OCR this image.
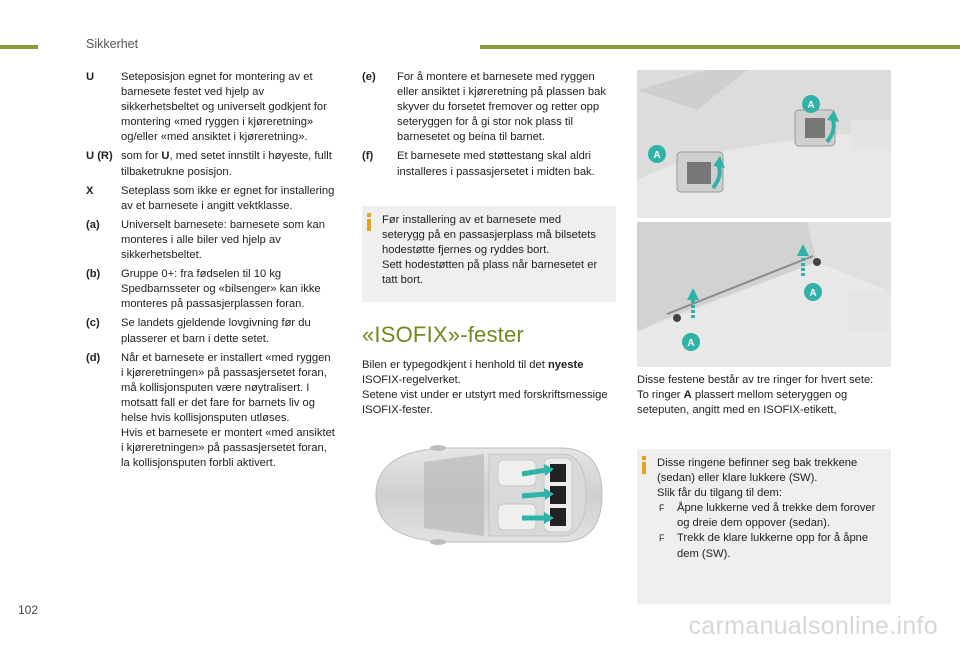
Sikkerhet
U	Seteposisjon egnet for montering av et barnesete festet ved hjelp av sikkerhetsbeltet og universelt godkjent for montering «med ryggen i kjøreretning» og/eller «med ansiktet i kjøreretning».
U (R) som for U, med setet innstilt i høyeste, fullt tilbaketrukne posisjon.
X	Seteplass som ikke er egnet for installering av et barnesete i angitt vektklasse.
(a)	Universelt barnesete: barnesete som kan monteres i alle biler ved hjelp av sikkerhetsbeltet.
(b)	Gruppe 0+: fra fødselen til 10 kg Spedbarnsseter og «bilsenger» kan ikke monteres på passasjerplassen foran.
(c)	Se landets gjeldende lovgivning før du plasserer et barn i dette setet.
(d)	Når et barnesete er installert «med ryggen i kjøreretningen» på passasjersetet foran, må kollisjonsputen være nøytralisert. I motsatt fall er det fare for barnets liv og helse hvis kollisjonsputen utløses.
Hvis et barnesete er montert «med ansiktet i kjøreretningen» på passasjersetet foran, la kollisjonsputen forbli aktivert.
(e)	For å montere et barnesete med ryggen eller ansiktet i kjøreretning på plassen bak skyver du forsetet fremover og retter opp seteryggen for å gi stor nok plass til barnesetet og beina til barnet.
(f)	Et barnesete med støttestang skal aldri installeres i passasjersetet i midten bak.
Før installering av et barnesete med seterygg på en passasjerplass må bilsetets hodestøtte fjernes og ryddes bort.
Sett hodestøtten på plass når barnesetet er tatt bort.
«ISOFIX»-fester
Bilen er typegodkjent i henhold til det nyeste ISOFIX-regelverket.
Setene vist under er utstyrt med forskriftsmessige ISOFIX-fester.
A
A
A
A
Disse festene består av tre ringer for hvert sete:
To ringer A plassert mellom seteryggen og seteputen, angitt med en ISOFIX-etikett,
Disse ringene befinner seg bak trekkene (sedan) eller klare lukkere (SW).
Slik får du tilgang til dem:
F	Åpne lukkerne ved å trekke dem forover og dreie dem oppover (sedan).
F	Trekk de klare lukkerne opp for å åpne dem (SW).
102
carmanualsonline.info
